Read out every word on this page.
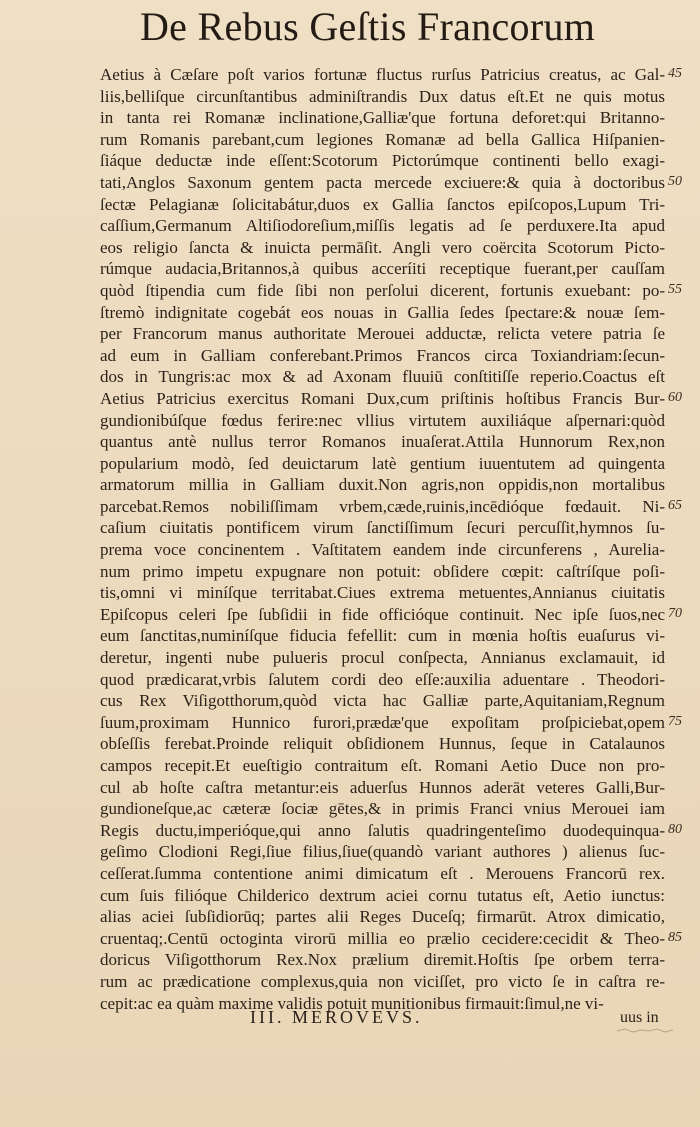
De Rebus Geſtis Francorum
Aetius à Cæſare poſt varios fortunæ fluctus rurſus Patricius creatus, ac Gal-
liis,belliſque circunſtantibus adminiſtrandis Dux datus eſt.Et ne quis motus
in tanta rei Romanæ inclinatione,Galliæ'que fortuna deforet:qui Britanno-
rum Romanis parebant,cum legiones Romanæ ad bella Gallica Hiſpanien-
ſiáque deductæ inde eſſent:Scotorum Pictorúmque continenti bello exagi-
tati,Anglos Saxonum gentem pacta mercede exciuere:& quia à doctoribus
ſectæ Pelagianæ ſolicitabátur,duos ex Gallia ſanctos epiſcopos,Lupum Tri-
caſſium,Germanum Altiſiodoreſium,miſſis legatis ad ſe perduxere.Ita apud
eos religio ſancta & inuicta permāſit. Angli vero coërcita Scotorum Picto-
rúmque audacia,Britannos,à quibus acceríiti receptique fuerant,per cauſſam
quòd ſtipendia cum fide ſibi non perſolui dicerent, fortunis exuebant: po-
ſtremò indignitate cogebát eos nouas in Gallia ſedes ſpectare:& nouæ ſem-
per Francorum manus authoritate Merouei adductæ, relicta vetere patria ſe
ad eum in Galliam conferebant.Primos Francos circa Toxiandriam:ſecun-
dos in Tungris:ac mox & ad Axonam fluuiū conſtitiſſe reperio.Coactus eſt
Aetius Patricius exercitus Romani Dux,cum priſtinis hoſtibus Francis Bur-
gundionibúſque fœdus ferire:nec vllius virtutem auxiliáque aſpernari:quòd
quantus antè nullus terror Romanos inuaſerat.Attila Hunnorum Rex,non
popularium modò, ſed deuictarum latè gentium iuuentutem ad quingenta
armatorum millia in Galliam duxit.Non agris,non oppidis,non mortalibus
parcebat.Remos nobiliſſimam vrbem,cæde,ruinis,incēdióque fœdauit. Ni-
caſium ciuitatis pontificem virum ſanctiſſimum ſecuri percuſſit,hymnos ſu-
prema voce concinentem . Vaſtitatem eandem inde circunferens , Aurelia-
num primo impetu expugnare non potuit: obſidere cœpit: caſtríſque poſi-
tis,omni vi miníſque territabat.Ciues extrema metuentes,Annianus ciuitatis
Epiſcopus celeri ſpe ſubſidii in fide officióque continuit. Nec ipſe ſuos,nec
eum ſanctitas,numiníſque fiducia fefellit: cum in mœnia hoſtis euaſurus vi-
deretur, ingenti nube pulueris procul conſpecta, Annianus exclamauit, id
quod prædicarat,vrbis ſalutem cordi deo eſſe:auxilia aduentare . Theodori-
cus Rex Viſigotthorum,quòd victa hac Galliæ parte,Aquitaniam,Regnum
ſuum,proximam Hunnico furori,prædæ'que expoſitam proſpiciebat,opem
obſeſſis ferebat.Proinde reliquit obſidionem Hunnus, ſeque in Catalaunos
campos recepit.Et eueſtigio contraitum eſt. Romani Aetio Duce non pro-
cul ab hoſte caſtra metantur:eis aduerſus Hunnos aderāt veteres Galli,Bur-
gundioneſque,ac cæteræ ſociæ gētes,& in primis Franci vnius Merouei iam
Regis ductu,imperióque,qui anno ſalutis quadringenteſimo duodequinqua-
geſimo Clodioni Regi,ſiue filius,ſiue(quandò variant authores ) alienus ſuc-
ceſſerat.ſumma contentione animi dimicatum eſt . Merouens Francorū rex.
cum ſuis filióque Childerico dextrum aciei cornu tutatus eſt, Aetio iunctus:
alias aciei ſubſidiorūq; partes alii Reges Duceſq; firmarūt. Atrox dimicatio,
cruentaq;.Centū octoginta virorū millia eo prælio cecidere:cecidit & Theo-
doricus Viſigotthorum Rex.Nox prælium diremit.Hoſtis ſpe orbem terra-
rum ac prædicatione complexus,quia non viciſſet, pro victo ſe in caſtra re-
cepit:ac ea quàm maxime validis potuit munitionibus firmauit:ſimul,ne vi-
45
50
55
60
65
70
75
80
85
III. MEROVEVS.	uus in
